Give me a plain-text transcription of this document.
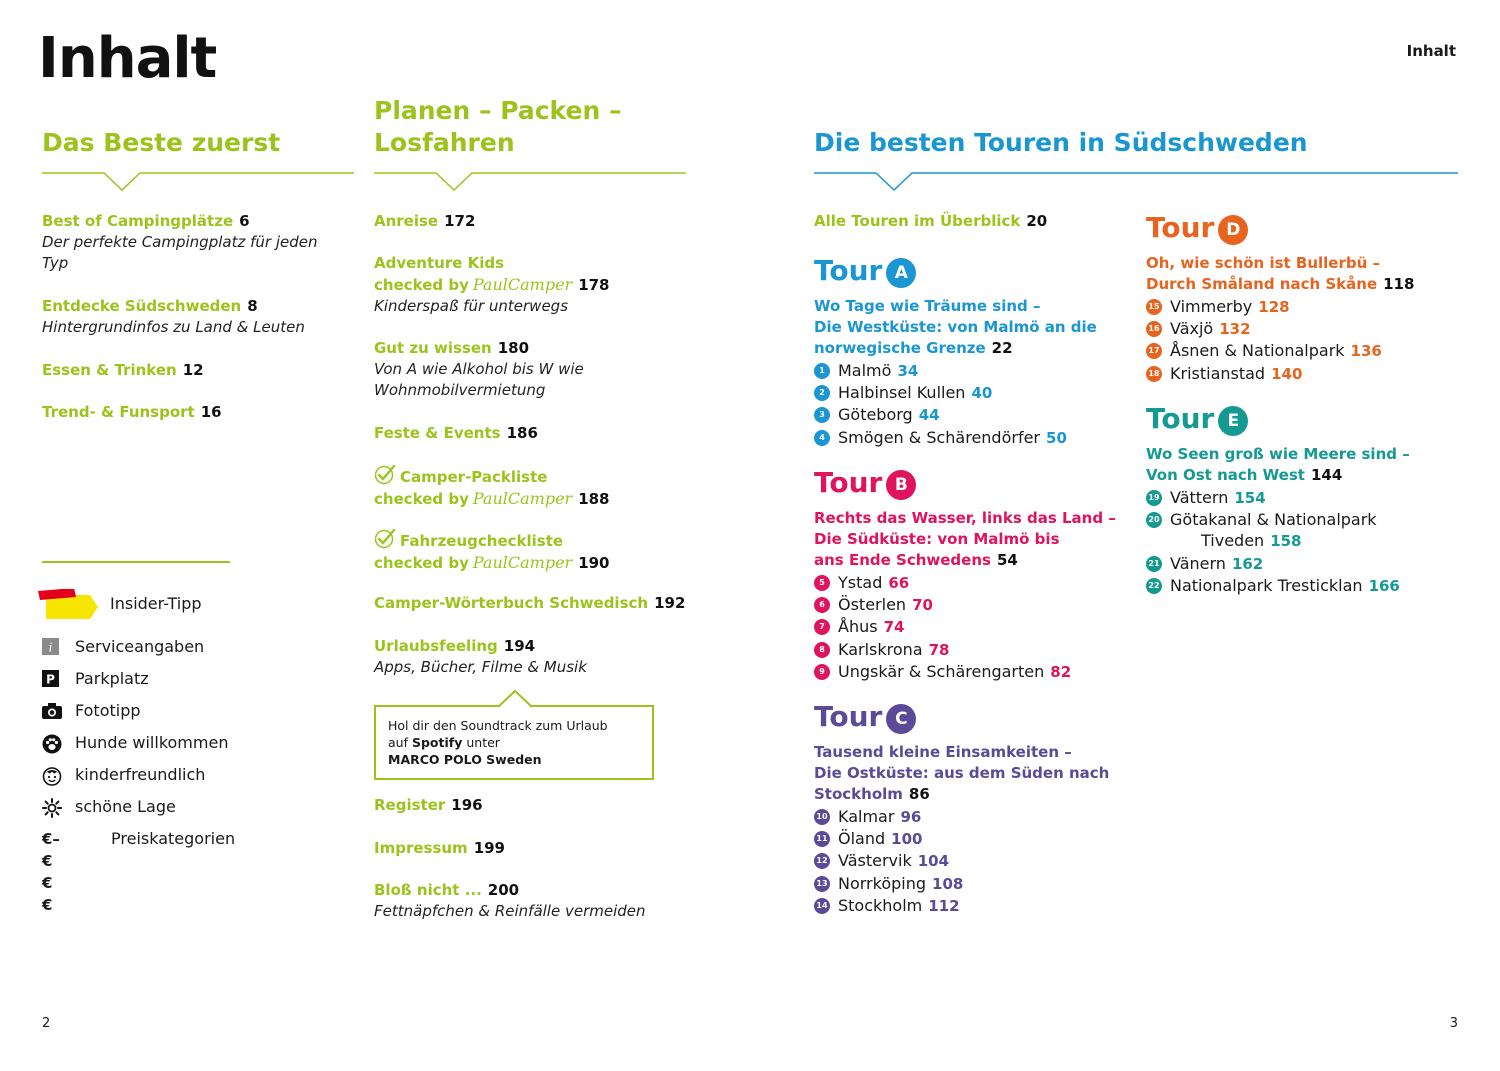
Inhalt	Inhalt
2	3
Das Beste zuerst
Best of Campingplätze 6
Der perfekte Campingplatz für jeden Typ
Entdecke Südschweden 8
Hintergrundinfos zu Land & Leuten
Essen & Trinken 12
Trend- & Funsport 16
Insider-Tipp
i Serviceangaben
P Parkplatz
Fototipp
Hunde willkommen
kinderfreundlich
schöne Lage
€–€€€
Preiskategorien
Planen – Packen –
Losfahren
Anreise 172
Adventure Kids
checked by PaulCamper 178
Kinderspaß für unterwegs
Gut zu wissen 180
Von A wie Alkohol bis W wie Wohnmobilvermietung
Feste & Events 186
Camper-Packliste
checked by PaulCamper 188
Fahrzeugcheckliste
checked by PaulCamper 190
Camper-Wörterbuch Schwedisch 192
Urlaubsfeeling 194
Apps, Bücher, Filme & Musik
Hol dir den Soundtrack zum Urlaub
auf Spotify unter
MARCO POLO Sweden
Register 196
Impressum 199
Bloß nicht ... 200
Fettnäpfchen & Reinfälle vermeiden
Die besten Touren in Südschweden
Alle Touren im Überblick 20
Tour A
Wo Tage wie Träume sind –
Die Westküste: von Malmö an die
norwegische Grenze 22
1 Malmö 34
2 Halbinsel Kullen 40
3 Göteborg 44
4 Smögen & Schärendörfer 50
Tour B
Rechts das Wasser, links das Land –
Die Südküste: von Malmö bis
ans Ende Schwedens 54
5 Ystad 66
6 Österlen 70
7 Åhus 74
8 Karlskrona 78
9 Ungskär & Schärengarten 82
Tour C
Tausend kleine Einsamkeiten –
Die Ostküste: aus dem Süden nach
Stockholm 86
10 Kalmar 96
11 Öland 100
12 Västervik 104
13 Norrköping 108
14 Stockholm 112
Tour D
Oh, wie schön ist Bullerbü –
Durch Småland nach Skåne 118
15 Vimmerby 128
16 Växjö 132
17 Åsnen & Nationalpark 136
18 Kristianstad 140
Tour E
Wo Seen groß wie Meere sind –
Von Ost nach West 144
19 Vättern 154
20 Götakanal & Nationalpark
Tiveden 158
21 Vänern 162
22 Nationalpark Tresticklan 166
